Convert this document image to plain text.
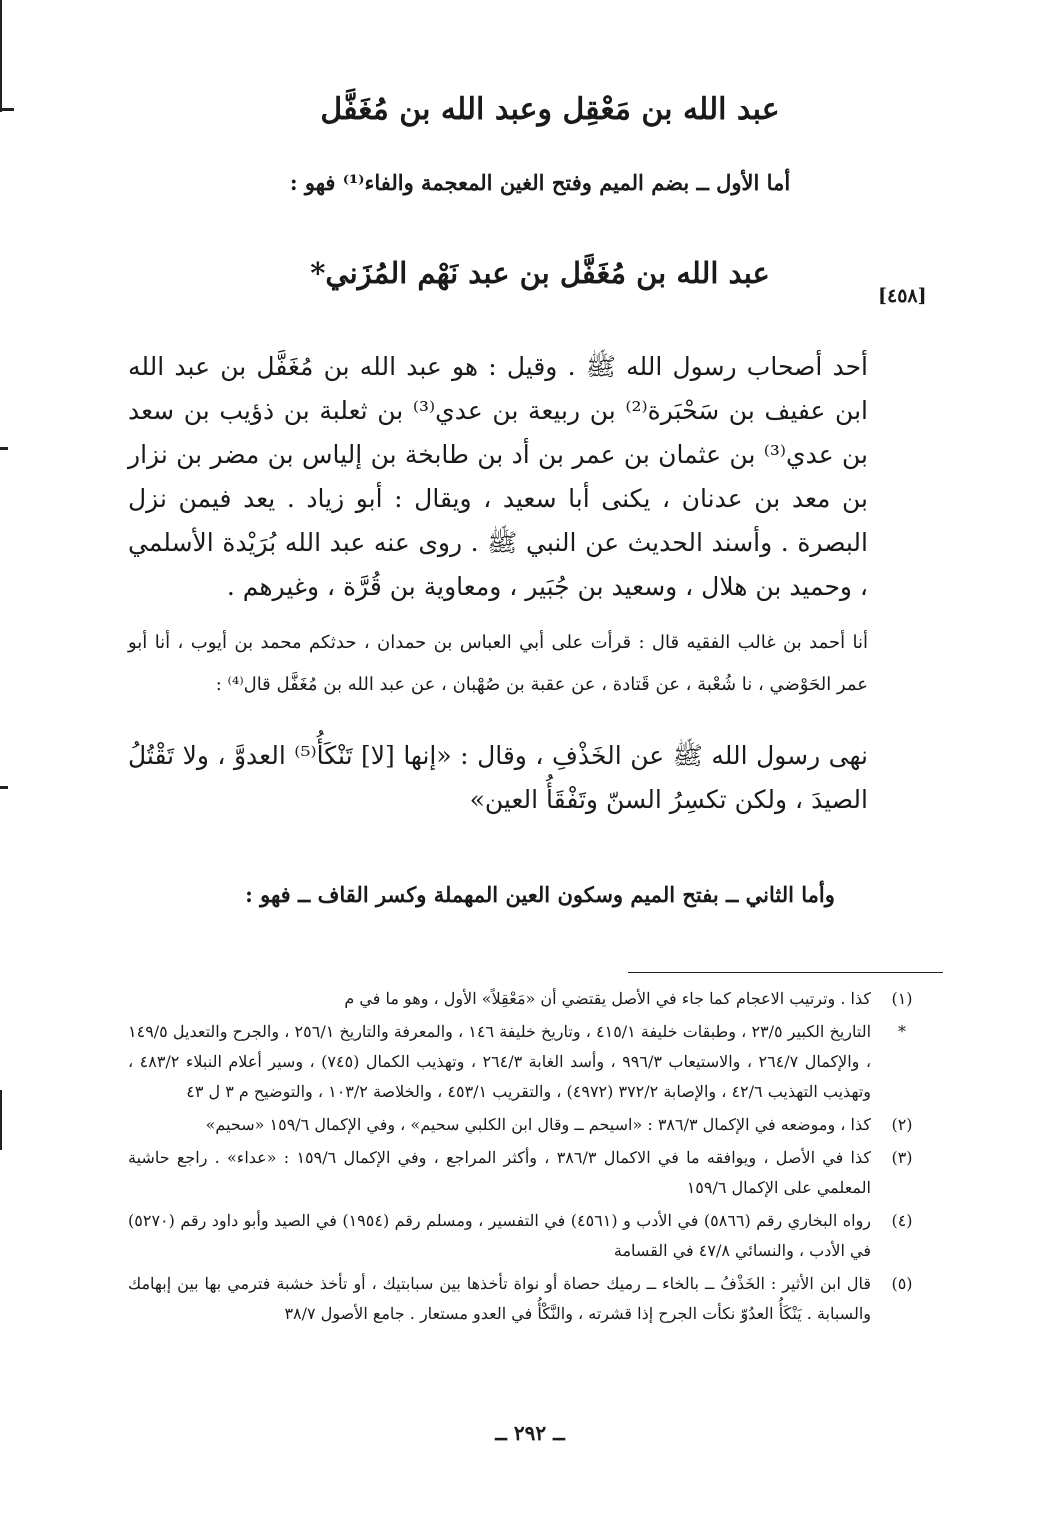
عبد الله بن مَعْقِل وعبد الله بن مُغَفَّل
أما الأول ــ بضم الميم وفتح الغين المعجمة والفاء⁽¹⁾ فهو :
[٤٥٨]
عبد الله بن مُغَفَّل بن عبد نَهْم المُزَني*
أحد أصحاب رسول الله ﷺ . وقيل : هو عبد الله بن مُغَفَّل بن عبد الله ابن عفيف بن سَحْبَرة⁽²⁾ بن ربيعة بن عدي⁽³⁾ بن ثعلبة بن ذؤيب بن سعد بن عدي⁽³⁾ بن عثمان بن عمر بن أد بن طابخة بن إلياس بن مضر بن نزار بن معد بن عدنان ، يكنى أبا سعيد ، ويقال : أبو زياد . يعد فيمن نزل البصرة . وأسند الحديث عن النبي ﷺ . روى عنه عبد الله بُرَيْدة الأسلمي ، وحميد بن هلال ، وسعيد بن جُبَير ، ومعاوية بن قُرَّة ، وغيرهم .
أنا أحمد بن غالب الفقيه قال : قرأت على أبي العباس بن حمدان ، حدثكم محمد بن أيوب ، أنا أبو عمر الحَوْضي ، نا شُعْبة ، عن قَتادة ، عن عقبة بن صُهْبان ، عن عبد الله بن مُغَفَّل قال⁽⁴⁾ :
نهى رسول الله ﷺ عن الخَذْفِ ، وقال : «إنها [لا] تَنْكَأُ⁽⁵⁾ العدوَّ ، ولا تَقْتُلُ الصيدَ ، ولكن تكسِرُ السنّ وتَفْقَأُ العين»
وأما الثاني ــ بفتح الميم وسكون العين المهملة وكسر القاف ــ فهو :
(١)
كذا . وترتيب الاعجام كما جاء في الأصل يقتضي أن «مَعْقِلاً» الأول ، وهو ما في م
*
التاريخ الكبير ٢٣/٥ ، وطبقات خليفة ٤١٥/١ ، وتاريخ خليفة ١٤٦ ، والمعرفة والتاريخ ٢٥٦/١ ، والجرح والتعديل ١٤٩/٥ ، والإكمال ٢٦٤/٧ ، والاستيعاب ٩٩٦/٣ ، وأسد الغابة ٢٦٤/٣ ، وتهذيب الكمال (٧٤٥) ، وسير أعلام النبلاء ٤٨٣/٢ ، وتهذيب التهذيب ٤٢/٦ ، والإصابة ٣٧٢/٢ (٤٩٧٢) ، والتقريب ٤٥٣/١ ، والخلاصة ١٠٣/٢ ، والتوضيح م ٣ ل ٤٣
(٢)
كذا ، وموضعه في الإكمال ٣٨٦/٣ : «اسيحم ــ وقال ابن الكلبي سحيم» ، وفي الإكمال ١٥٩/٦ «سحيم»
(٣)
كذا في الأصل ، ويوافقه ما في الاكمال ٣٨٦/٣ ، وأكثر المراجع ، وفي الإكمال ١٥٩/٦ : «عداء» . راجع حاشية المعلمي على الإكمال ١٥٩/٦
(٤)
رواه البخاري رقم (٥٨٦٦) في الأدب و (٤٥٦١) في التفسير ، ومسلم رقم (١٩٥٤) في الصيد وأبو داود رقم (٥٢٧٠) في الأدب ، والنسائي ٤٧/٨ في القسامة
(٥)
قال ابن الأثير : الخَذْفُ ــ بالخاء ــ رميك حصاة أو نواة تأخذها بين سبابتيك ، أو تأخذ خشبة فترمي بها بين إبهامك والسبابة . يَنْكَأُ العدُوّ نكأت الجرح إذا قشرته ، والنَّكْأُ في العدو مستعار . جامع الأصول ٣٨/٧
ــ ٢٩٢ ــ
